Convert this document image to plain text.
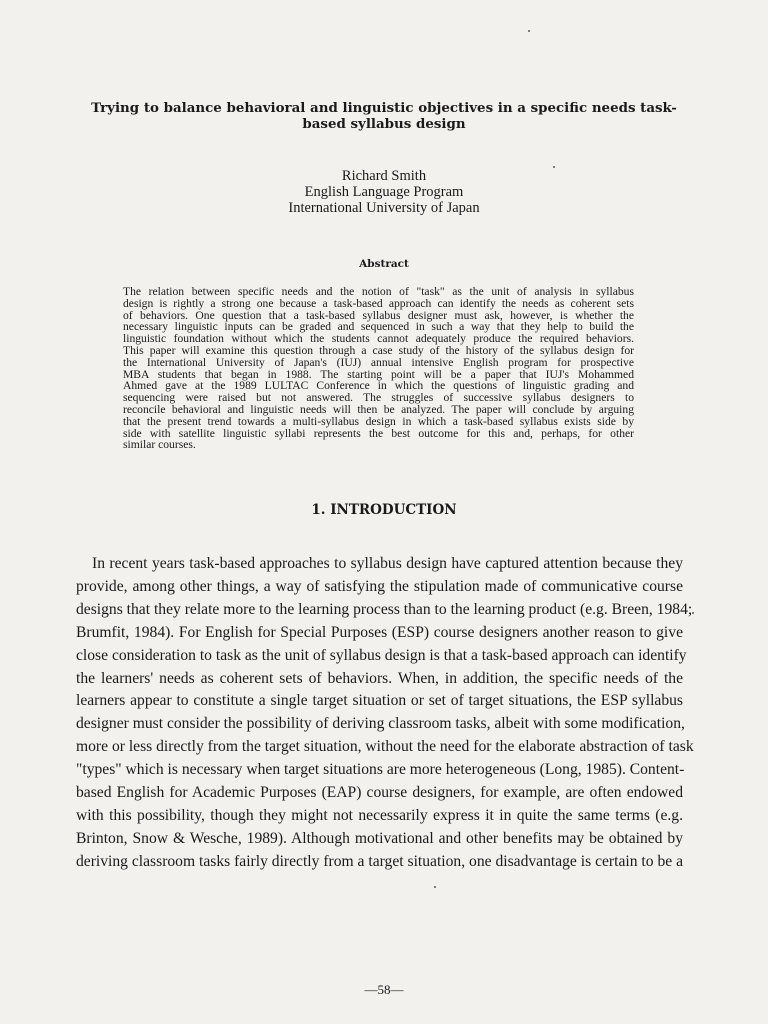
Trying to balance behavioral and linguistic objectives in a specific needs task-
based syllabus design
Richard Smith
English Language Program
International University of Japan
Abstract
The relation between specific needs and the notion of "task" as the unit of analysis in syllabus
design is rightly a strong one because a task-based approach can identify the needs as coherent sets
of behaviors. One question that a task-based syllabus designer must ask, however, is whether the
necessary linguistic inputs can be graded and sequenced in such a way that they help to build the
linguistic foundation without which the students cannot adequately produce the required behaviors.
This paper will examine this question through a case study of the history of the syllabus design for
the International University of Japan's (IUJ) annual intensive English program for prospective
MBA students that began in 1988. The starting point will be a paper that IUJ's Mohammed
Ahmed gave at the 1989 LULTAC Conference in which the questions of linguistic grading and
sequencing were raised but not answered. The struggles of successive syllabus designers to
reconcile behavioral and linguistic needs will then be analyzed. The paper will conclude by arguing
that the present trend towards a multi-syllabus design in which a task-based syllabus exists side by
side with satellite linguistic syllabi represents the best outcome for this and, perhaps, for other
similar courses.
1. INTRODUCTION
In recent years task-based approaches to syllabus design have captured attention because they
provide, among other things, a way of satisfying the stipulation made of communicative course
designs that they relate more to the learning process than to the learning product (e.g. Breen, 1984;
Brumfit, 1984). For English for Special Purposes (ESP) course designers another reason to give
close consideration to task as the unit of syllabus design is that a task-based approach can identify
the learners' needs as coherent sets of behaviors. When, in addition, the specific needs of the
learners appear to constitute a single target situation or set of target situations, the ESP syllabus
designer must consider the possibility of deriving classroom tasks, albeit with some modification,
more or less directly from the target situation, without the need for the elaborate abstraction of task
"types" which is necessary when target situations are more heterogeneous (Long, 1985). Content-
based English for Academic Purposes (EAP) course designers, for example, are often endowed
with this possibility, though they might not necessarily express it in quite the same terms (e.g.
Brinton, Snow & Wesche, 1989). Although motivational and other benefits may be obtained by
deriving classroom tasks fairly directly from a target situation, one disadvantage is certain to be a
—58—
